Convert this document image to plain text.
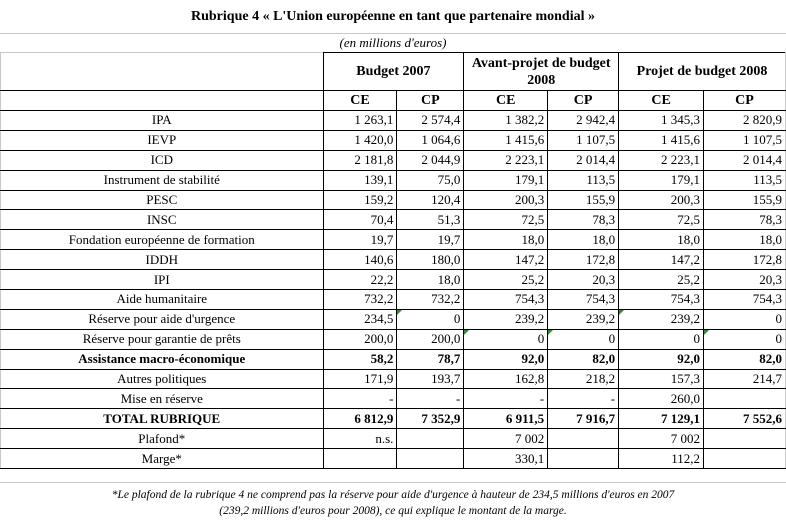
Rubrique 4 « L'Union européenne en tant que partenaire mondial »
(en millions d'euros)
	Budget 2007		Avant-projet de budget 2008		Projet de budget 2008	
	CE	CP	CE	CP	CE	CP
IPA	1 263,1	2 574,4	1 382,2	2 942,4	1 345,3	2 820,9
IEVP	1 420,0	1 064,6	1 415,6	1 107,5	1 415,6	1 107,5
ICD	2 181,8	2 044,9	2 223,1	2 014,4	2 223,1	2 014,4
Instrument de stabilité	139,1	75,0	179,1	113,5	179,1	113,5
PESC	159,2	120,4	200,3	155,9	200,3	155,9
INSC	70,4	51,3	72,5	78,3	72,5	78,3
Fondation européenne de formation	19,7	19,7	18,0	18,0	18,0	18,0
IDDH	140,6	180,0	147,2	172,8	147,2	172,8
IPI	22,2	18,0	25,2	20,3	25,2	20,3
Aide humanitaire	732,2	732,2	754,3	754,3	754,3	754,3
Réserve pour aide d'urgence	234,5	0	239,2	239,2	239,2	0
Réserve pour garantie de prêts	200,0	200,0	0	0	0	0
Assistance macro-économique	58,2	78,7	92,0	82,0	92,0	82,0
Autres politiques	171,9	193,7	162,8	218,2	157,3	214,7
Mise en réserve	-	-	-	-	260,0	
TOTAL RUBRIQUE	6 812,9	7 352,9	6 911,5	7 916,7	7 129,1	7 552,6
Plafond*	n.s.		7 002		7 002	
Marge*			330,1		112,2	
*Le plafond de la rubrique 4 ne comprend pas la réserve pour aide d'urgence à hauteur de 234,5 millions d'euros en 2007
(239,2 millions d'euros pour 2008), ce qui explique le montant de la marge.
